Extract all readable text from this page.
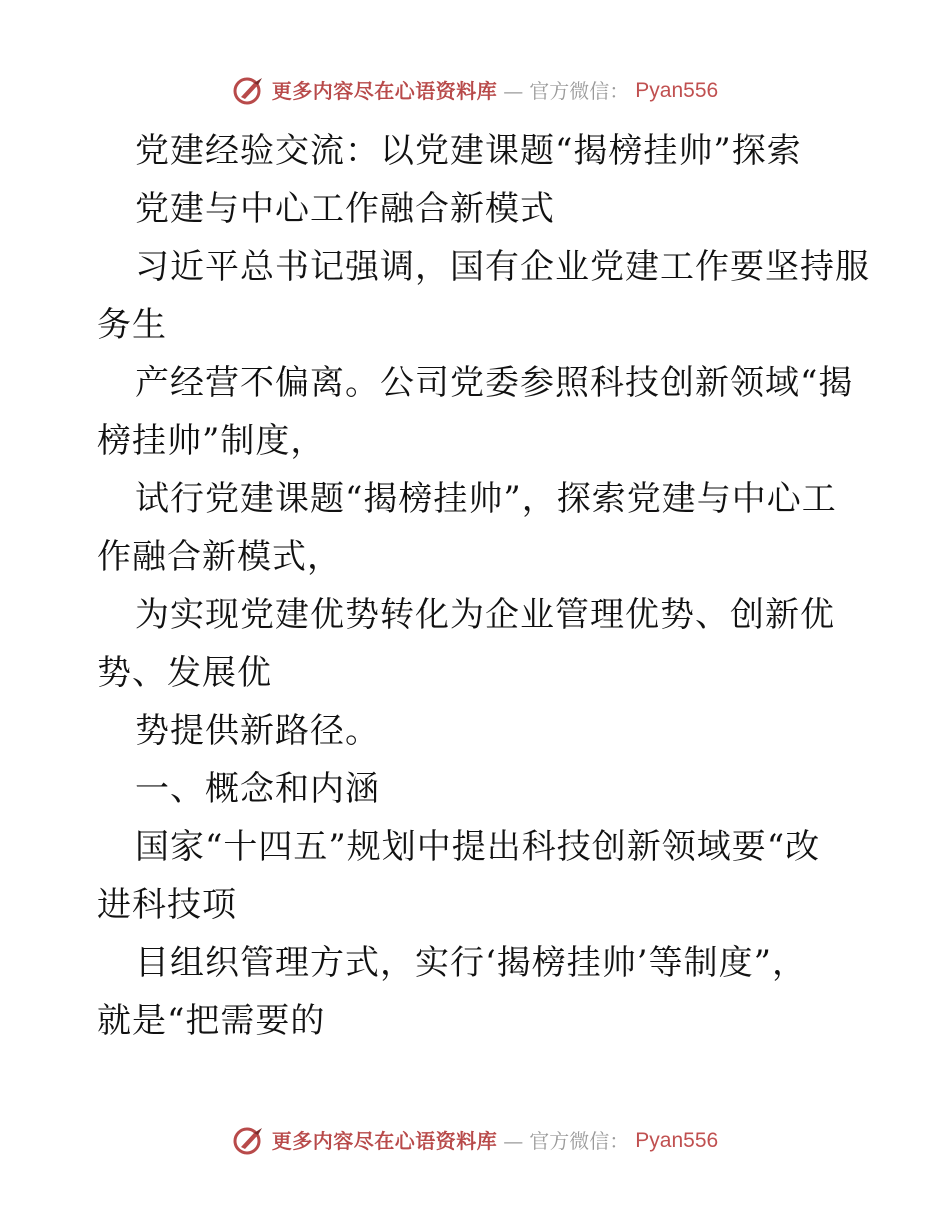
更多内容尽在心语资料库 — 官方微信： Pyan556
党建经验交流：以党建课题“揭榜挂帅”探索
党建与中心工作融合新模式
习近平总书记强调，国有企业党建工作要坚持服
务生
产经营不偏离。公司党委参照科技创新领域“揭
榜挂帅”制度，
试行党建课题“揭榜挂帅”，探索党建与中心工
作融合新模式，
为实现党建优势转化为企业管理优势、创新优
势、发展优
势提供新路径。
一、概念和内涵
国家“十四五”规划中提出科技创新领域要“改
进科技项
目组织管理方式，实行‘揭榜挂帅’等制度”，
就是“把需要的
更多内容尽在心语资料库 — 官方微信： Pyan556
